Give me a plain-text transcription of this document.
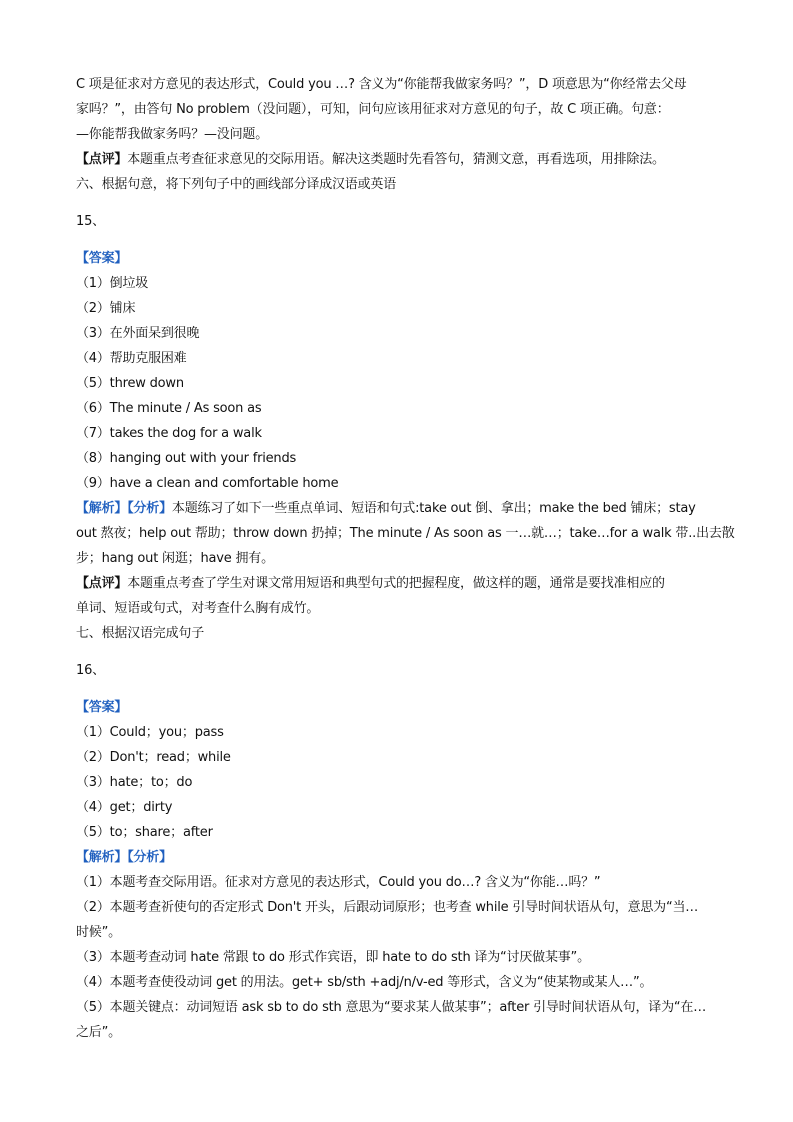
C 项是征求对方意见的表达形式，Could you …? 含义为“你能帮我做家务吗？”，D 项意思为“你经常去父母
家吗？”，由答句 No problem（没问题），可知，问句应该用征求对方意见的句子，故 C 项正确。句意：
—你能帮我做家务吗？—没问题。
【点评】本题重点考查征求意见的交际用语。解决这类题时先看答句，猜测文意，再看选项，用排除法。
六、根据句意，将下列句子中的画线部分译成汉语或英语
15、
【答案】
（1）倒垃圾
（2）铺床
（3）在外面呆到很晚
（4）帮助克服困难
（5）threw down
（6）The minute / As soon as
（7）takes the dog for a walk
（8）hanging out with your friends
（9）have a clean and comfortable home
【解析】【分析】本题练习了如下一些重点单词、短语和句式:take out 倒、拿出；make the bed 铺床；stay
out 熬夜；help out 帮助；throw down 扔掉；The minute / As soon as 一…就…；take…for a walk 带..出去散
步；hang out 闲逛；have 拥有。
【点评】本题重点考查了学生对课文常用短语和典型句式的把握程度，做这样的题，通常是要找准相应的
单词、短语或句式，对考查什么胸有成竹。
七、根据汉语完成句子
16、
【答案】
（1）Could；you；pass
（2）Don't；read；while
（3）hate；to；do
（4）get；dirty
（5）to；share；after
【解析】【分析】
（1）本题考查交际用语。征求对方意见的表达形式，Could you do…? 含义为“你能…吗？”
（2）本题考查祈使句的否定形式 Don't 开头，后跟动词原形；也考查 while 引导时间状语从句，意思为“当…
时候”。
（3）本题考查动词 hate 常跟 to do 形式作宾语，即 hate to do sth 译为“讨厌做某事”。
（4）本题考查使役动词 get 的用法。get+ sb/sth +adj/n/v-ed 等形式，含义为“使某物或某人…”。
（5）本题关键点：动词短语 ask sb to do sth 意思为“要求某人做某事”；after 引导时间状语从句，译为“在…
之后”。
